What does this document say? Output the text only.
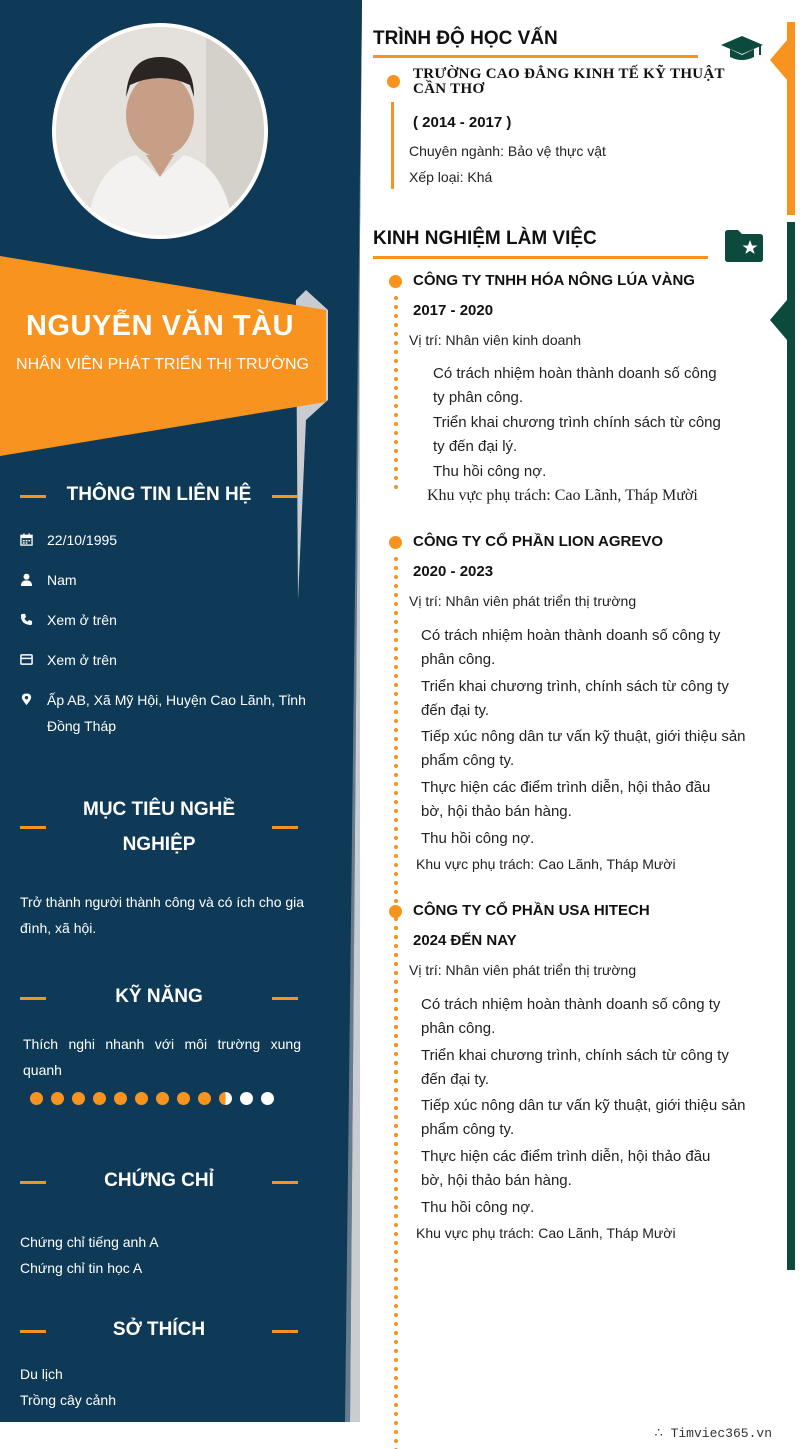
NGUYỄN VĂN TÀU
NHÂN VIÊN PHÁT TRIỂN THỊ TRƯỜNG
THÔNG TIN LIÊN HỆ
22/10/1995
Nam
Xem ở trên
Xem ở trên
Ấp AB, Xã Mỹ Hội, Huyện Cao Lãnh, Tỉnh Đồng Tháp
MỤC TIÊU NGHỀ
NGHIỆP
Trở thành người thành công và có ích cho gia đình, xã hội.
KỸ NĂNG
Thích nghi nhanh với môi trường xung quanh
CHỨNG CHỈ
Chứng chỉ tiếng anh A
Chứng chỉ tin học A
SỞ THÍCH
Du lịch
Trồng cây cảnh
TRÌNH ĐỘ HỌC VẤN
TRƯỜNG CAO ĐẲNG KINH TẾ KỸ THUẬT CẦN THƠ
( 2014 - 2017 )
Chuyên ngành: Bảo vệ thực vật
Xếp loại: Khá
KINH NGHIỆM LÀM VIỆC
CÔNG TY TNHH HÓA NÔNG LÚA VÀNG
2017 - 2020
Vị trí: Nhân viên kinh doanh
Có trách nhiệm hoàn thành doanh số công ty phân công.
Triển khai chương trình chính sách từ công ty đến đại lý.
Thu hồi công nợ.
Khu vực phụ trách: Cao Lãnh, Tháp Mười
CÔNG TY CỔ PHẦN LION AGREVO
2020 - 2023
Vị trí: Nhân viên phát triển thị trường
Có trách nhiệm hoàn thành doanh số công ty phân công.
Triển khai chương trình, chính sách từ công ty đến đại ty.
Tiếp xúc nông dân tư vấn kỹ thuật, giới thiệu sản phẩm công ty.
Thực hiện các điểm trình diễn, hội thảo đầu bờ, hội thảo bán hàng.
Thu hồi công nợ.
Khu vực phụ trách: Cao Lãnh, Tháp Mười
CÔNG TY CỔ PHẦN USA HITECH
2024 ĐẾN NAY
Vị trí: Nhân viên phát triển thị trường
Có trách nhiệm hoàn thành doanh số công ty phân công.
Triển khai chương trình, chính sách từ công ty đến đại ty.
Tiếp xúc nông dân tư vấn kỹ thuật, giới thiệu sản phẩm công ty.
Thực hiện các điểm trình diễn, hội thảo đầu bờ, hội thảo bán hàng.
Thu hồi công nợ.
Khu vực phụ trách: Cao Lãnh, Tháp Mười
∴ Timviec365.vn
